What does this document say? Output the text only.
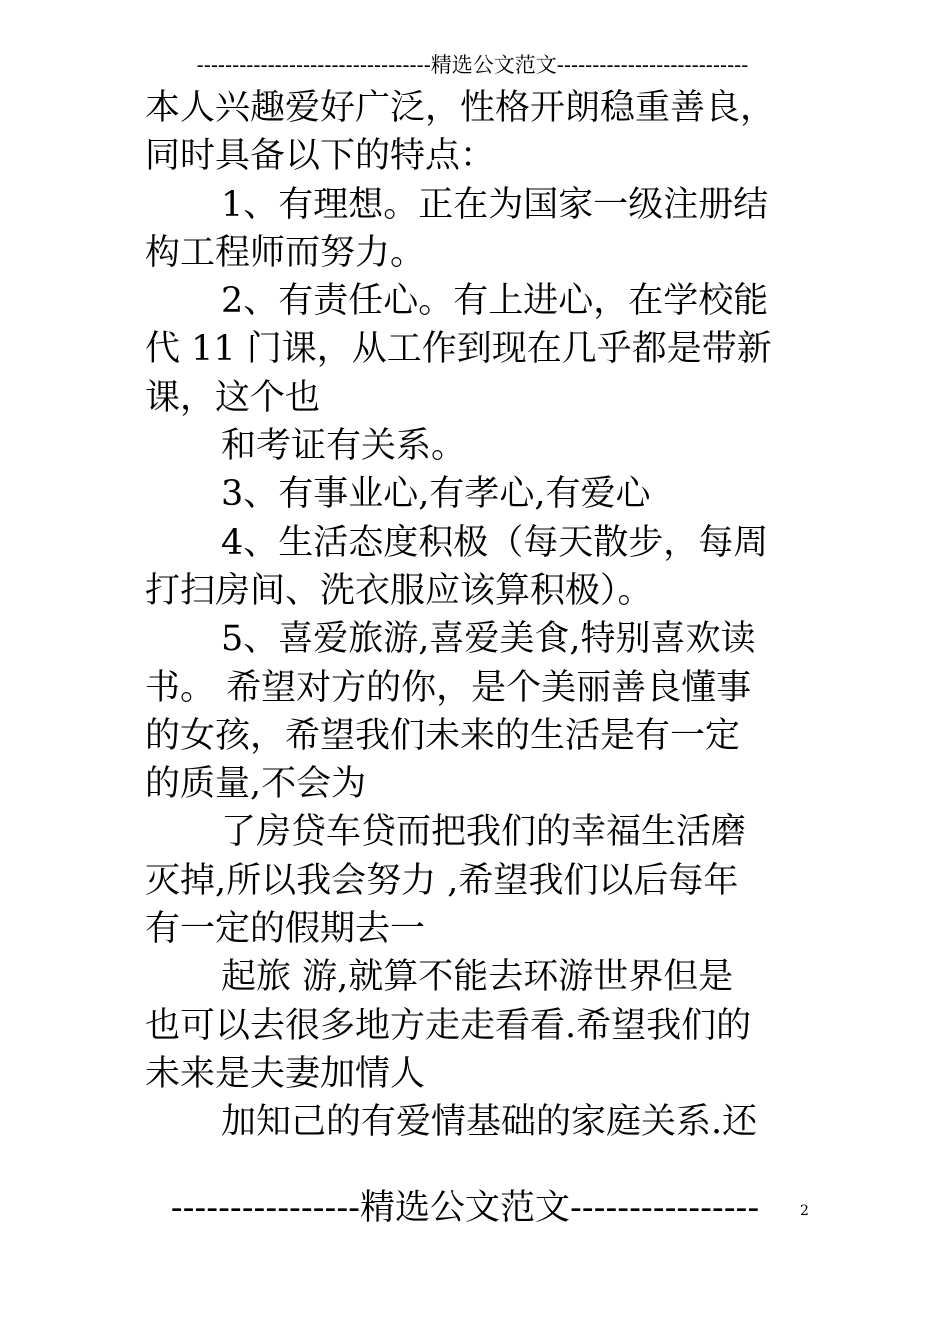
---------------------------------精选公文范文---------------------------
本人兴趣爱好广泛，性格开朗稳重善良，
同时具备以下的特点：
1、有理想。正在为国家一级注册结
构工程师而努力。
2、有责任心。有上进心，在学校能
代 11 门课，从工作到现在几乎都是带新
课，这个也
和考证有关系。
3、有事业心,有孝心,有爱心
4、生活态度积极（每天散步，每周
打扫房间、洗衣服应该算积极）。
5、喜爱旅游,喜爱美食,特别喜欢读
书。 希望对方的你，是个美丽善良懂事
的女孩，希望我们未来的生活是有一定
的质量,不会为
了房贷车贷而把我们的幸福生活磨
灭掉,所以我会努力 ,希望我们以后每年
有一定的假期去一
起旅 游,就算不能去环游世界但是
也可以去很多地方走走看看.希望我们的
未来是夫妻加情人
加知己的有爱情基础的家庭关系.还
----------------精选公文范文----------------	2
